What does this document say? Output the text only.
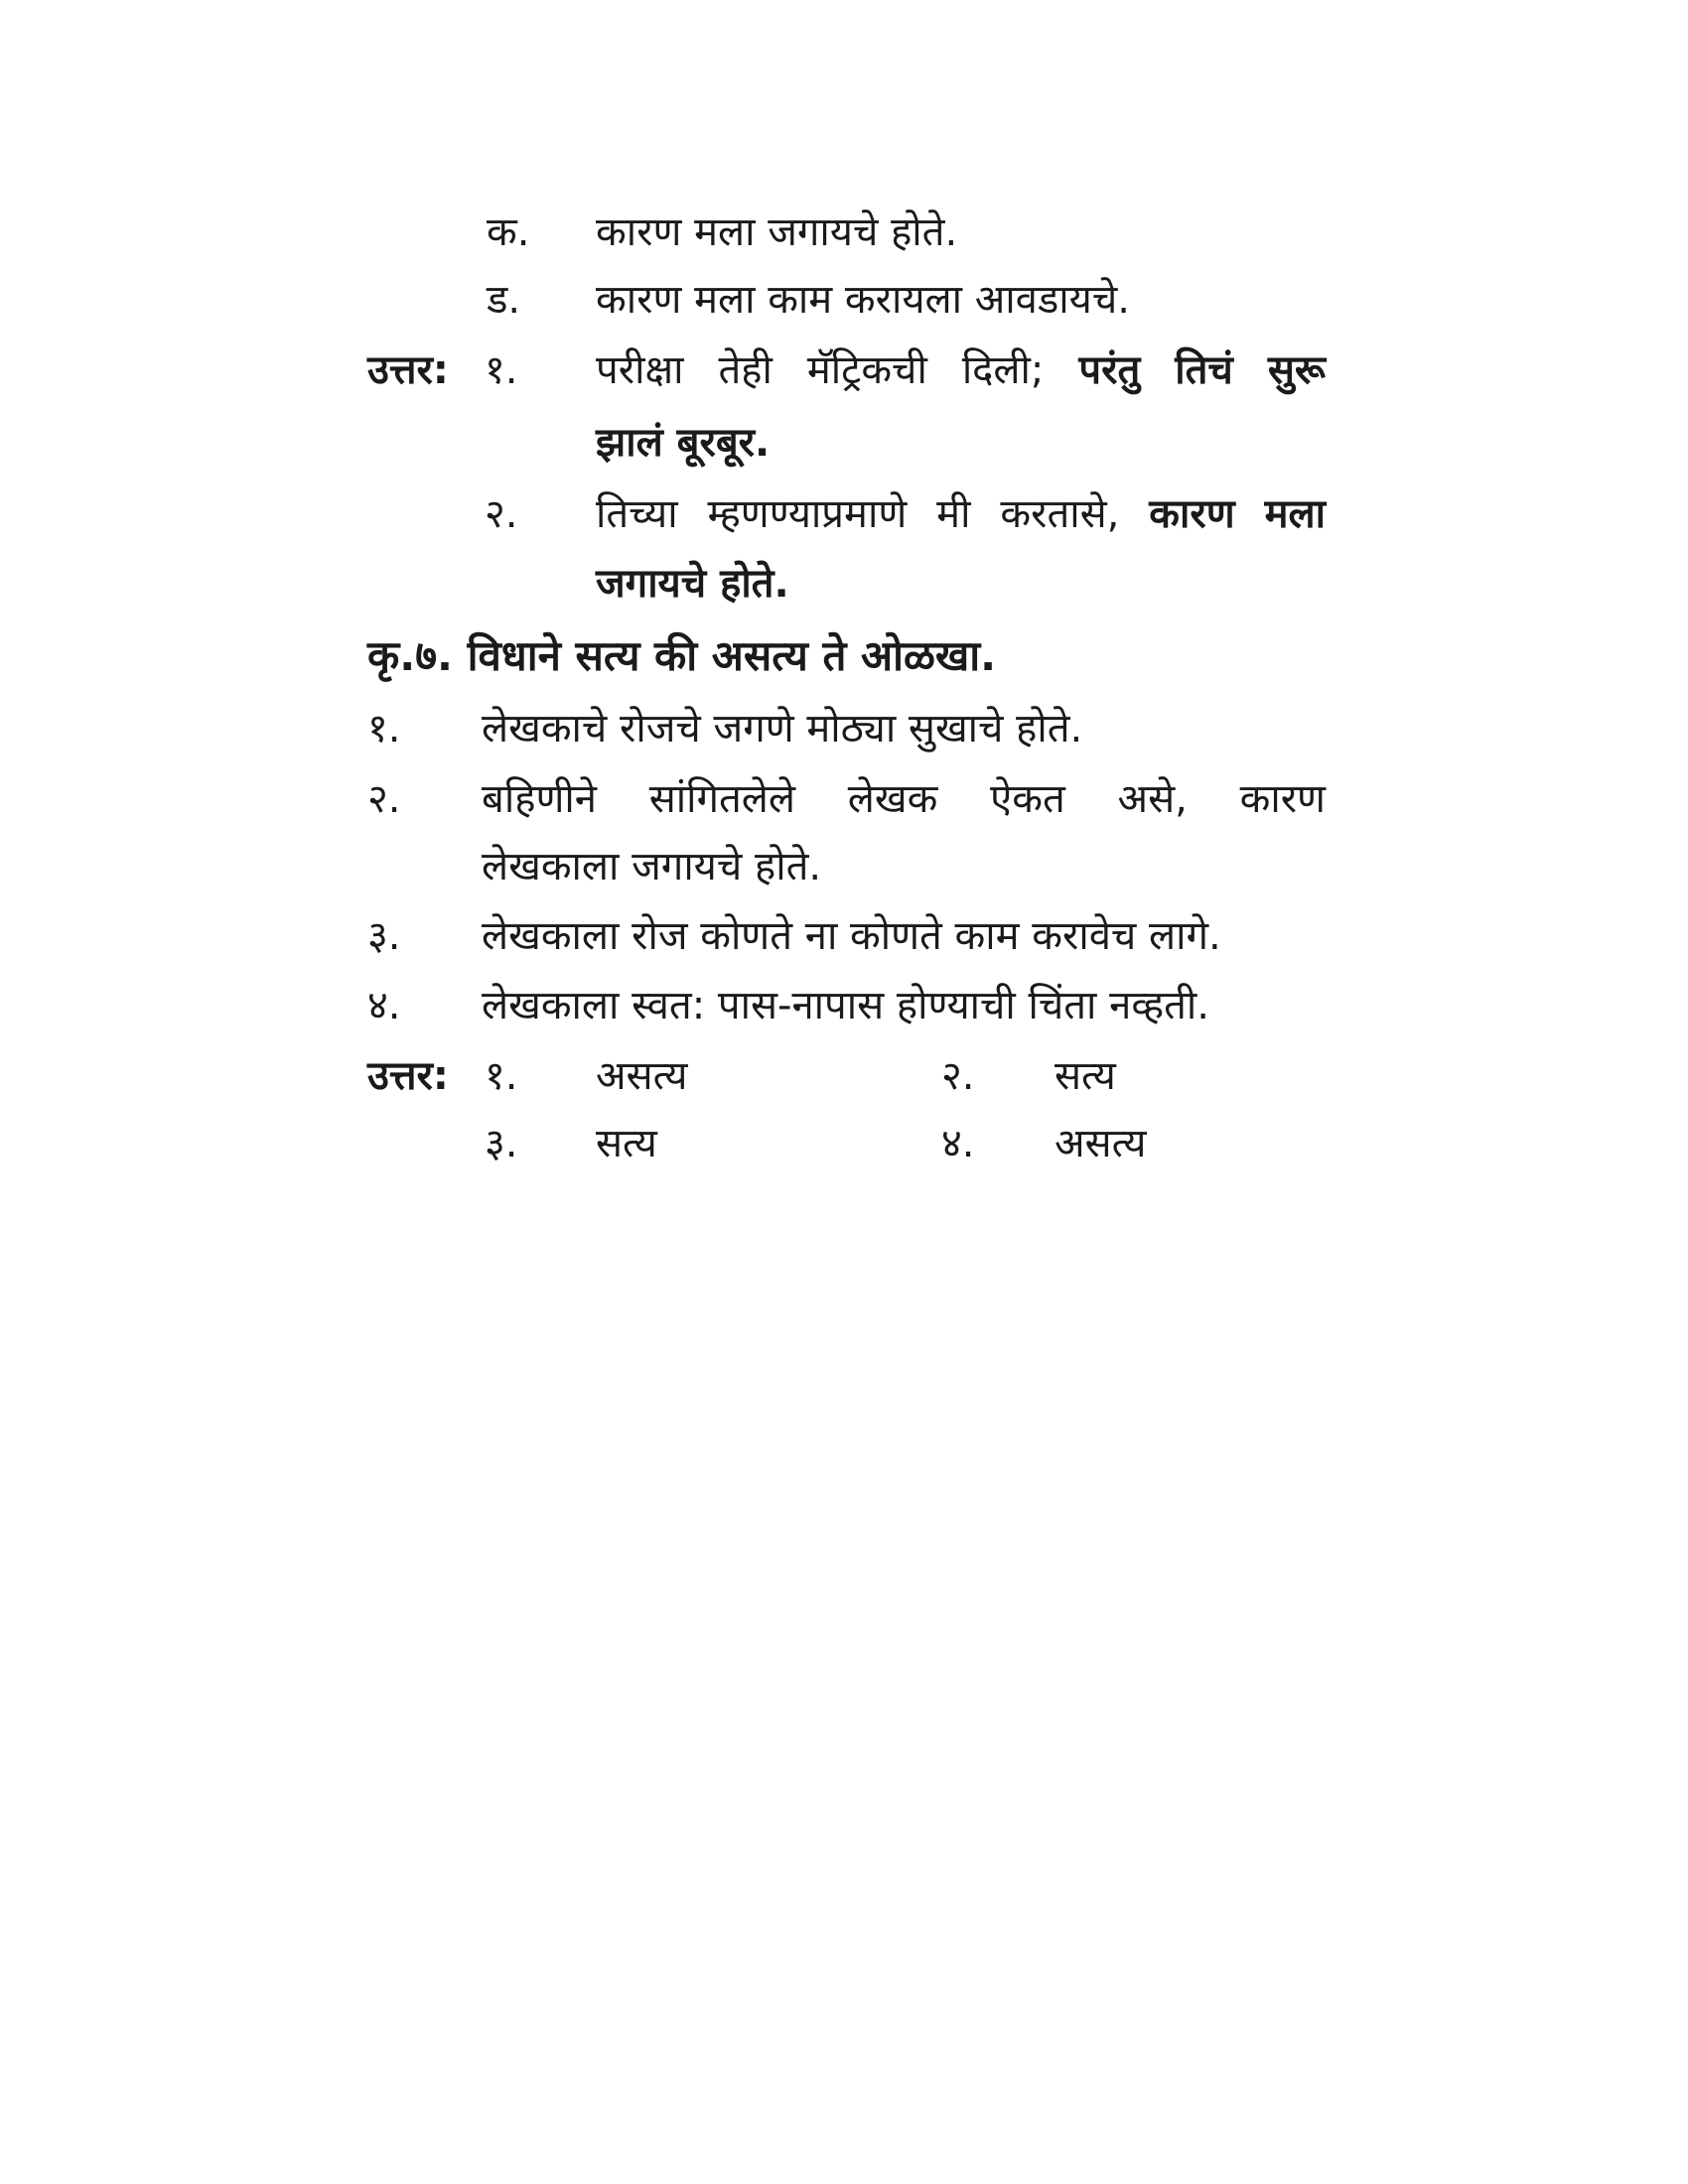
क. कारण मला जगायचे होते.
ड. कारण मला काम करायला आवडायचे.
उत्तर: १. परीक्षा तेही मॅट्रिकची दिली; परंतु तिचं सुरू
झालं बूरबूर.
२. तिच्या म्हणण्याप्रमाणे मी करतासे, कारण मला
जगायचे होते.
कृ.७. विधाने सत्य की असत्य ते ओळखा.
१. लेखकाचे रोजचे जगणे मोठ्या सुखाचे होते.
२. बहिणीने सांगितलेले लेखक ऐकत असे, कारण
लेखकाला जगायचे होते.
३. लेखकाला रोज कोणते ना कोणते काम करावेच लागे.
४. लेखकाला स्वत: पास-नापास होण्याची चिंता नव्हती.
उत्तर: १. असत्य	२. सत्य
३. सत्य	४. असत्य
